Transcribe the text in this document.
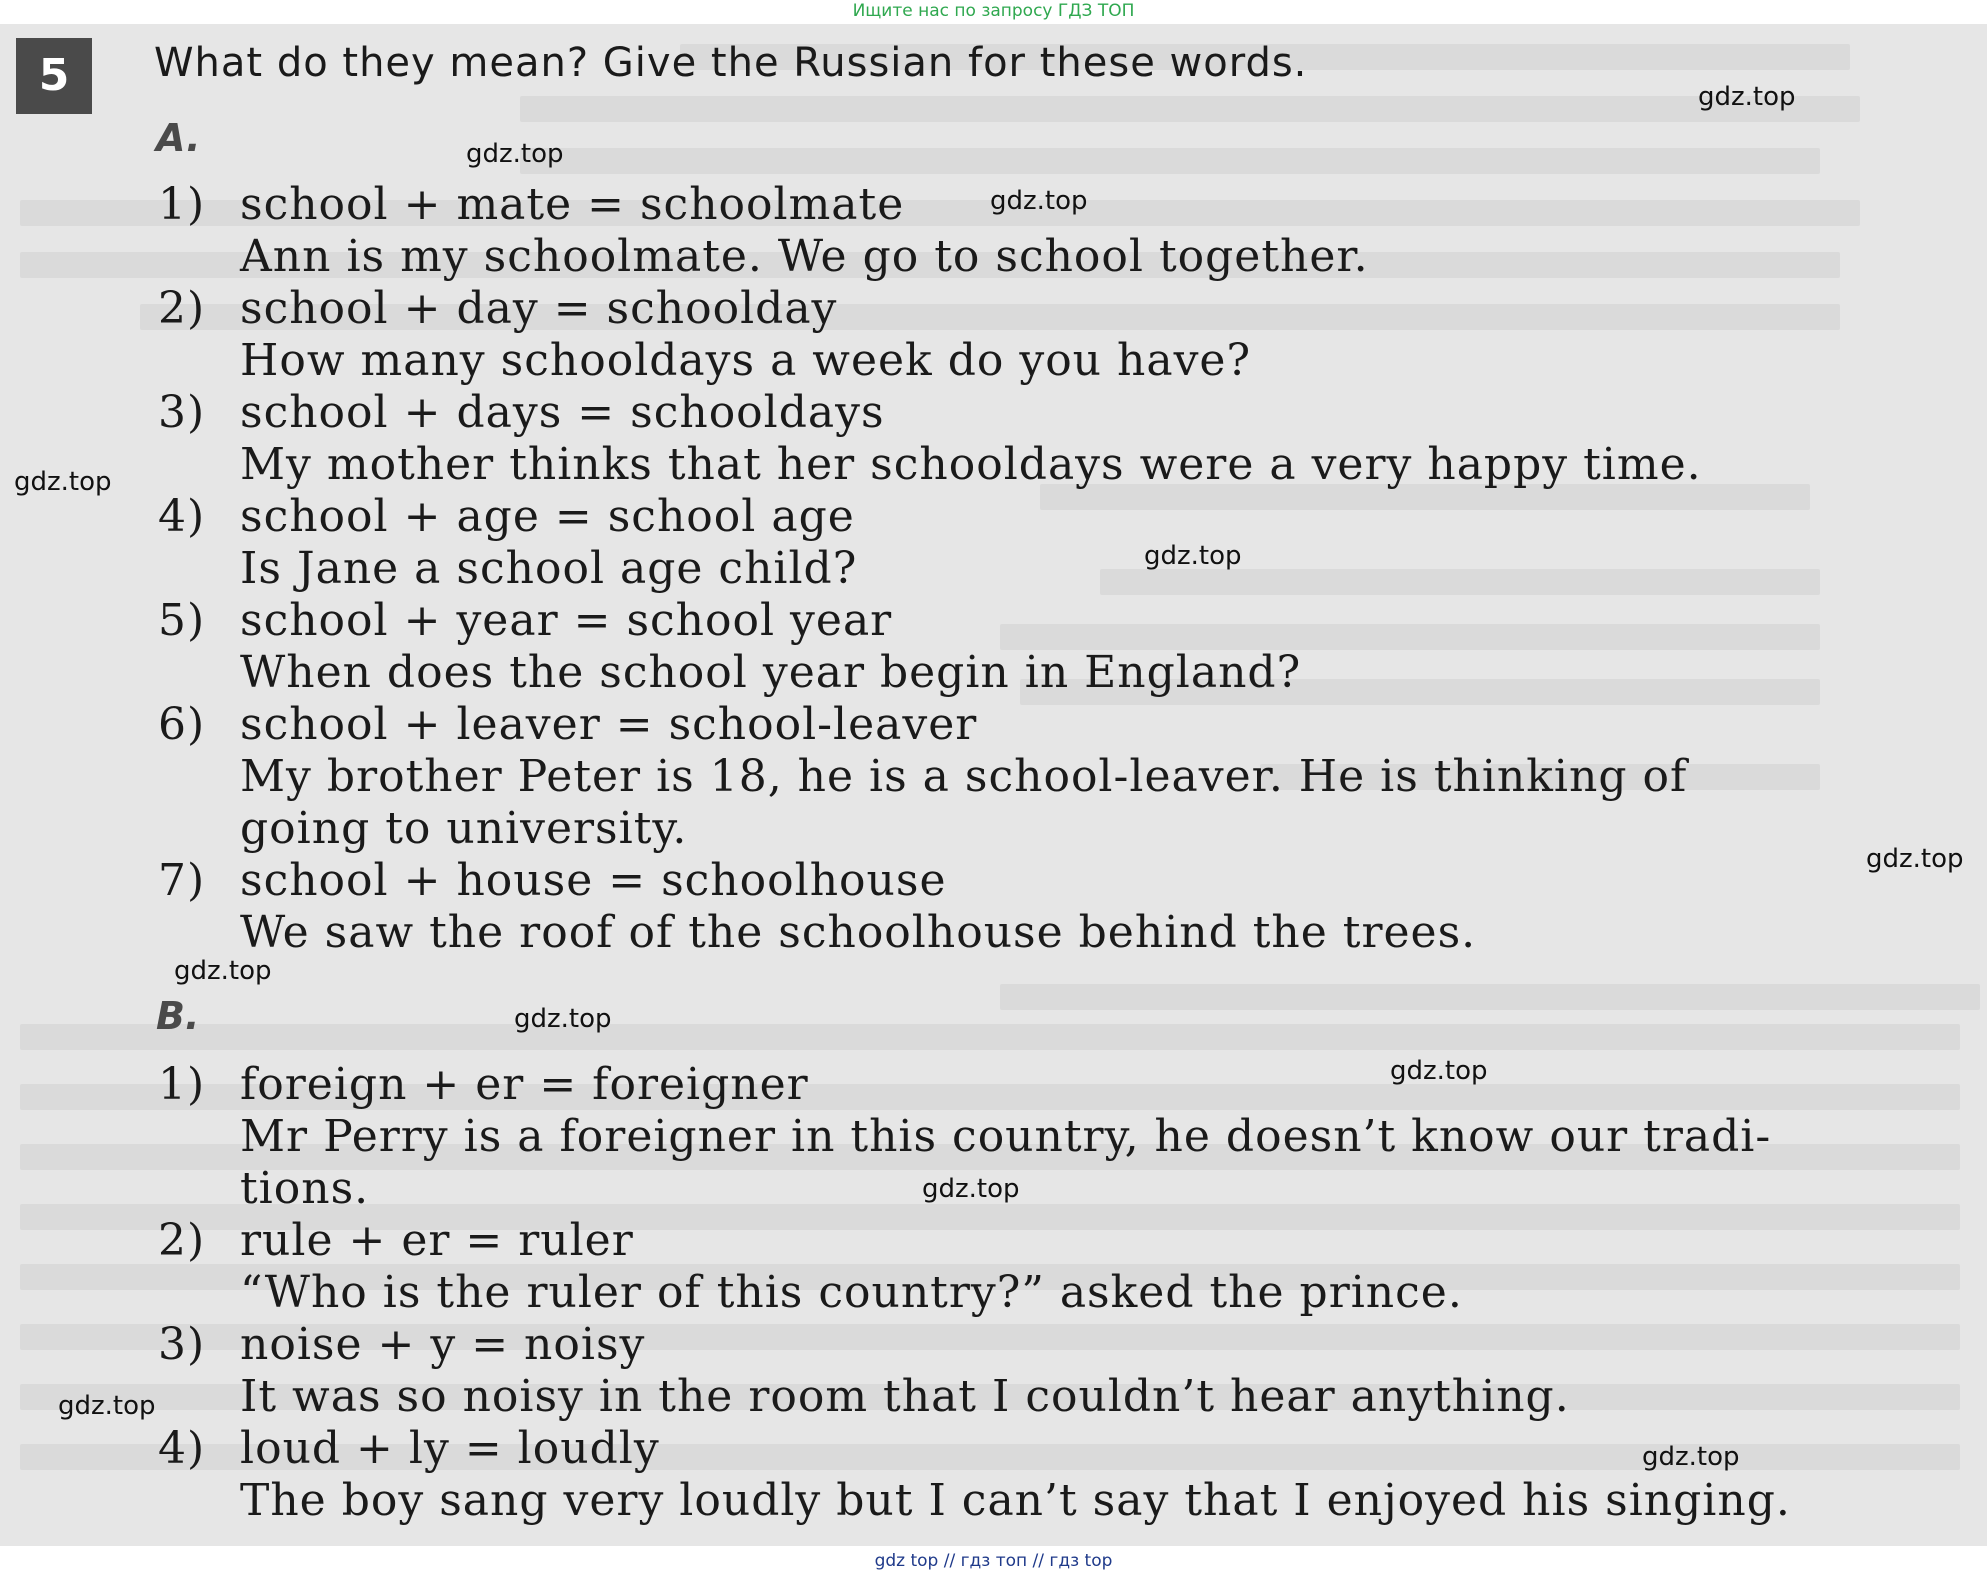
Ищите нас по запросу ГДЗ ТОП
5	What do they mean? Give the Russian for these words.
A.
1) school + mate = schoolmate
Ann is my schoolmate. We go to school together.
2) school + day = schoolday
How many schooldays a week do you have?
3) school + days = schooldays
My mother thinks that her schooldays were a very happy time.
4) school + age = school age
Is Jane a school age child?
5) school + year = school year
When does the school year begin in England?
6) school + leaver = school-leaver
My brother Peter is 18, he is a school-leaver. He is thinking of
going to university.
7) school + house = schoolhouse
We saw the roof of the schoolhouse behind the trees.
B.
1) foreign + er = foreigner
Mr Perry is a foreigner in this country, he doesn’t know our tradi-
tions.
2) rule + er = ruler
“Who is the ruler of this country?” asked the prince.
3) noise + y = noisy
It was so noisy in the room that I couldn’t hear anything.
4) loud + ly = loudly
The boy sang very loudly but I can’t say that I enjoyed his singing.
gdz.top
gdz.top
gdz.top
gdz.top
gdz.top
gdz.top
gdz.top
gdz.top
gdz.top
gdz.top
gdz.top
gdz.top
gdz top // гдз топ // гдз top
